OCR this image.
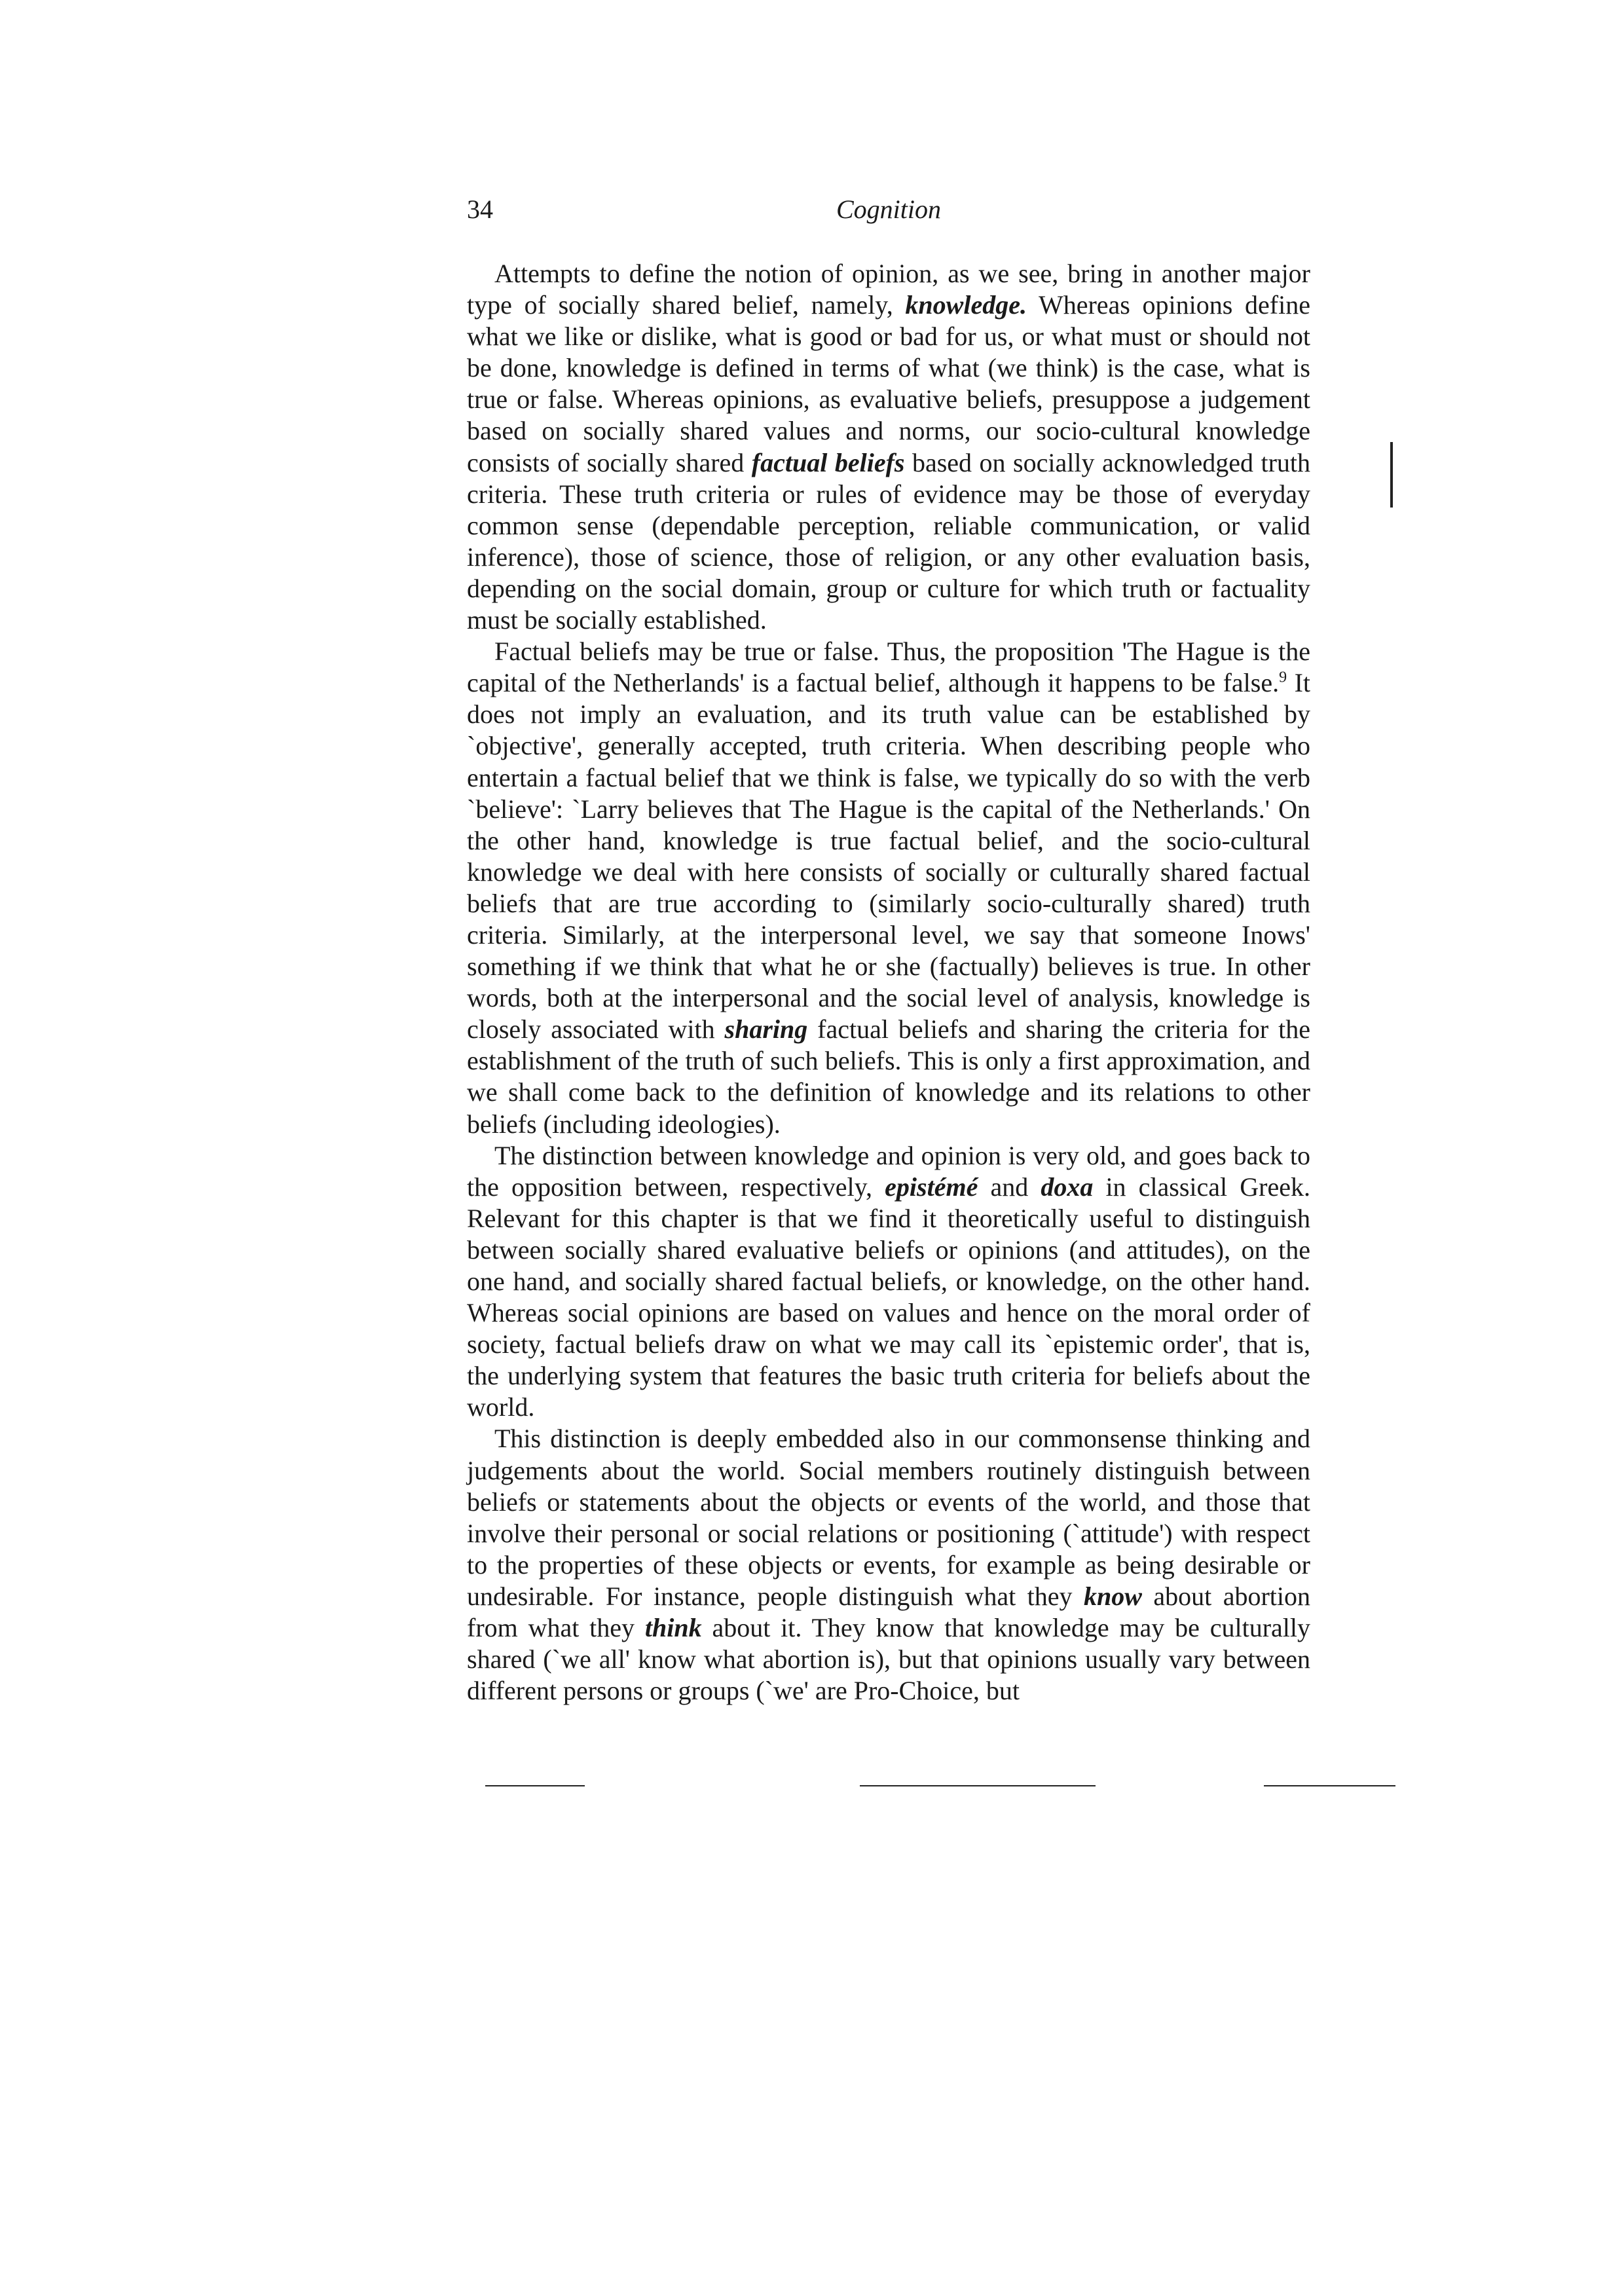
34	Cognition

Attempts to define the notion of opinion, as we see, bring in another major type of socially shared belief, namely, knowledge. Whereas opinions define what we like or dislike, what is good or bad for us, or what must or should not be done, knowledge is defined in terms of what (we think) is the case, what is true or false. Whereas opinions, as evaluative beliefs, presuppose a judgement based on socially shared values and norms, our socio-cultural knowledge consists of socially shared factual beliefs based on socially acknowledged truth criteria. These truth criteria or rules of evidence may be those of everyday common sense (dependable perception, reliable communication, or valid inference), those of science, those of religion, or any other evaluation basis, depending on the social domain, group or culture for which truth or factuality must be socially established.

Factual beliefs may be true or false. Thus, the proposition 'The Hague is the capital of the Netherlands' is a factual belief, although it happens to be false.$^9$ It does not imply an evaluation, and its truth value can be established by `objective', generally accepted, truth criteria. When describing people who entertain a factual belief that we think is false, we typically do so with the verb `believe': `Larry believes that The Hague is the capital of the Netherlands.' On the other hand, knowledge is true factual belief, and the socio-cultural knowledge we deal with here consists of socially or culturally shared factual beliefs that are true according to (similarly socio-culturally shared) truth criteria. Similarly, at the interpersonal level, we say that someone Inows' something if we think that what he or she (factually) believes is true. In other words, both at the interpersonal and the social level of analysis, knowledge is closely associated with sharing factual beliefs and sharing the criteria for the establishment of the truth of such beliefs. This is only a first approximation, and we shall come back to the definition of knowledge and its relations to other beliefs (including ideologies).

The distinction between knowledge and opinion is very old, and goes back to the opposition between, respectively, epistémé and doxa in classical Greek. Relevant for this chapter is that we find it theoretically useful to distinguish between socially shared evaluative beliefs or opinions (and attitudes), on the one hand, and socially shared factual beliefs, or knowledge, on the other hand. Whereas social opinions are based on values and hence on the moral order of society, factual beliefs draw on what we may call its `epistemic order', that is, the underlying system that features the basic truth criteria for beliefs about the world.

This distinction is deeply embedded also in our commonsense thinking and judgements about the world. Social members routinely distinguish between beliefs or statements about the objects or events of the world, and those that involve their personal or social relations or positioning (`attitude') with respect to the properties of these objects or events, for example as being desirable or undesirable. For instance, people distinguish what they know about abortion from what they think about it. They know that knowledge may be culturally shared (`we all' know what abortion is), but that opinions usually vary between different persons or groups (`we' are Pro-Choice, but
